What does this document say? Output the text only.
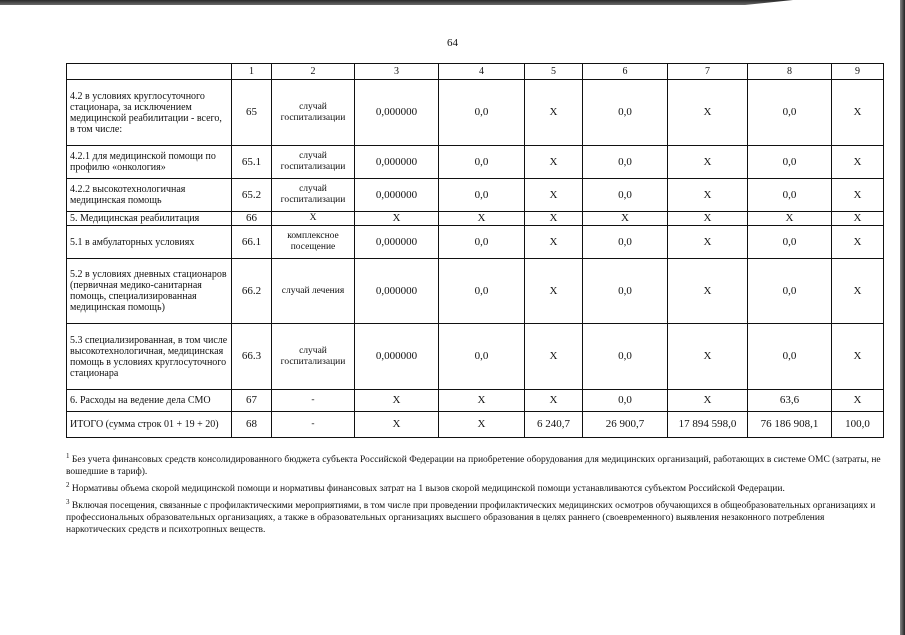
64
	1	2	3	4	5	6	7	8	9
4.2 в условиях круглосуточного стационара, за исключением медицинской реабилитации - всего, в том числе:	65	случай госпитализации	0,000000	0,0	Х	0,0	Х	0,0	Х
4.2.1 для медицинской помощи по профилю «онкология»	65.1	случай госпитализации	0,000000	0,0	Х	0,0	Х	0,0	Х
4.2.2 высокотехнологичная медицинская помощь	65.2	случай госпитализации	0,000000	0,0	Х	0,0	Х	0,0	Х
5. Медицинская реабилитация	66	Х	Х	Х	Х	Х	Х	Х	Х
5.1 в амбулаторных условиях	66.1	комплексное посещение	0,000000	0,0	Х	0,0	Х	0,0	Х
5.2 в условиях дневных стационаров (первичная медико-санитарная помощь, специализированная медицинская помощь)	66.2	случай лечения	0,000000	0,0	Х	0,0	Х	0,0	Х
5.3 специализированная, в том числе высокотехнологичная, медицинская помощь в условиях круглосуточного стационара	66.3	случай госпитализации	0,000000	0,0	Х	0,0	Х	0,0	Х
6. Расходы на ведение дела СМО	67	-	Х	Х	Х	0,0	Х	63,6	Х
ИТОГО (сумма строк 01 + 19 + 20)	68	-	Х	Х	6 240,7	26 900,7	17 894 598,0	76 186 908,1	100,0

$^1$ Без учета финансовых средств консолидированного бюджета субъекта Российской Федерации на приобретение оборудования для медицинских организаций, работающих в системе ОМС (затраты, не вошедшие в тариф).

$^2$ Нормативы объема скорой медицинской помощи и нормативы финансовых затрат на 1 вызов скорой медицинской помощи устанавливаются субъектом Российской Федерации.

$^3$ Включая посещения, связанные с профилактическими мероприятиями, в том числе при проведении профилактических медицинских осмотров обучающихся в общеобразовательных организациях и профессиональных образовательных организациях, а также в образовательных организациях высшего образования в целях раннего (своевременного) выявления незаконного потребления наркотических средств и психотропных веществ.
